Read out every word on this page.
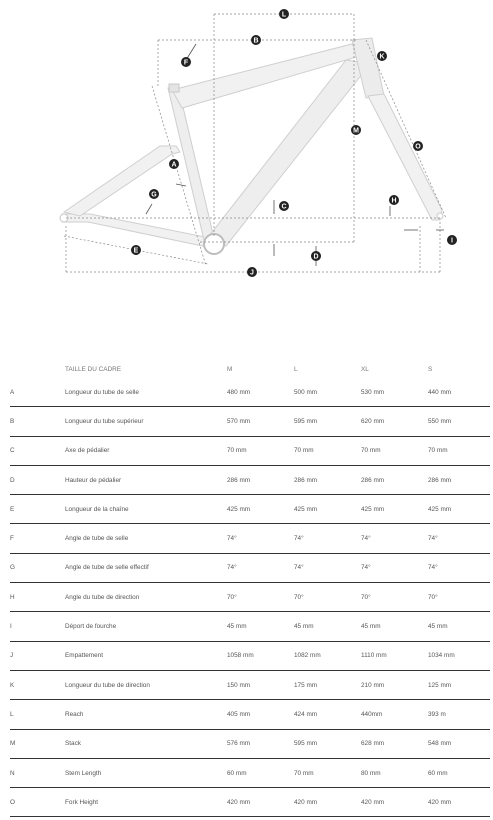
L
B
K
F
M
O
A
G
H
C
I
E
D
J
	TAILLE DU CADRE	M	L	XL	S
A	Longueur du tube de selle	480 mm	500 mm	530 mm	440 mm
B	Longueur du tube supérieur	570 mm	595 mm	620 mm	550 mm
C	Axe de pédalier	70 mm	70 mm	70 mm	70 mm
D	Hauteur de pédalier	286 mm	286 mm	286 mm	286 mm
E	Longueur de la chaîne	425 mm	425 mm	425 mm	425 mm
F	Angle de tube de selle	74°	74°	74°	74°
G	Angle de tube de selle effectif	74°	74°	74°	74°
H	Angle du tube de direction	70°	70°	70°	70°
I	Déport de fourche	45 mm	45 mm	45 mm	45 mm
J	Empattement	1058 mm	1082 mm	1110 mm	1034 mm
K	Longueur du tube de direction	150 mm	175 mm	210 mm	125 mm
L	Reach	405 mm	424 mm	440mm	393 m
M	Stack	576 mm	595 mm	628 mm	548 mm
N	Stem Length	60 mm	70 mm	80 mm	60 mm
O	Fork Height	420 mm	420 mm	420 mm	420 mm
